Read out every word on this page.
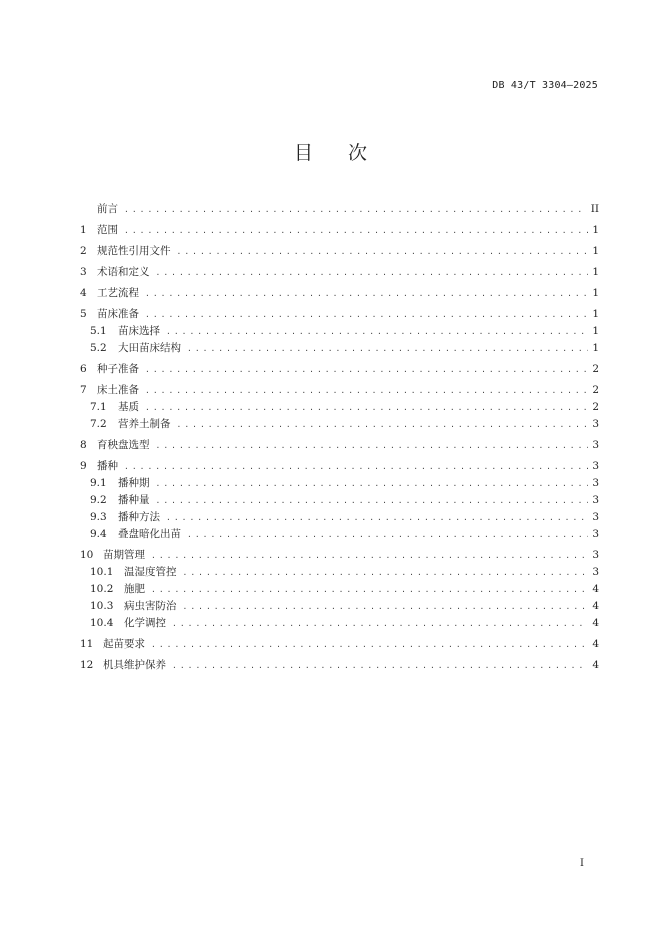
DB 43/T 3304—2025
目 次
前言 .....	II
1 范围 .....	1
2 规范性引用文件 .....	1
3 术语和定义 .....	1
4 工艺流程 .....	1
5 苗床准备 .....	1
5.1	苗床选择 .....	1
5.2	大田苗床结构 .....	1
6 种子准备 .....	2
7 床土准备 .....	2
7.1	基质 .....	2
7.2	营养土制备 .....	3
8 育秧盘选型 .....	3
9 播种 .....	3
9.1	播种期 .....	3
9.2	播种量 .....	3
9.3	播种方法 .....	3
9.4	叠盘暗化出苗 .....	3
10 苗期管理 .....	3
10.1	温湿度管控 .....	3
10.2	施肥 .....	4
10.3	病虫害防治 .....	4
10.4	化学调控 .....	4
11 起苗要求 .....	4
12 机具维护保养 .....	4
I
